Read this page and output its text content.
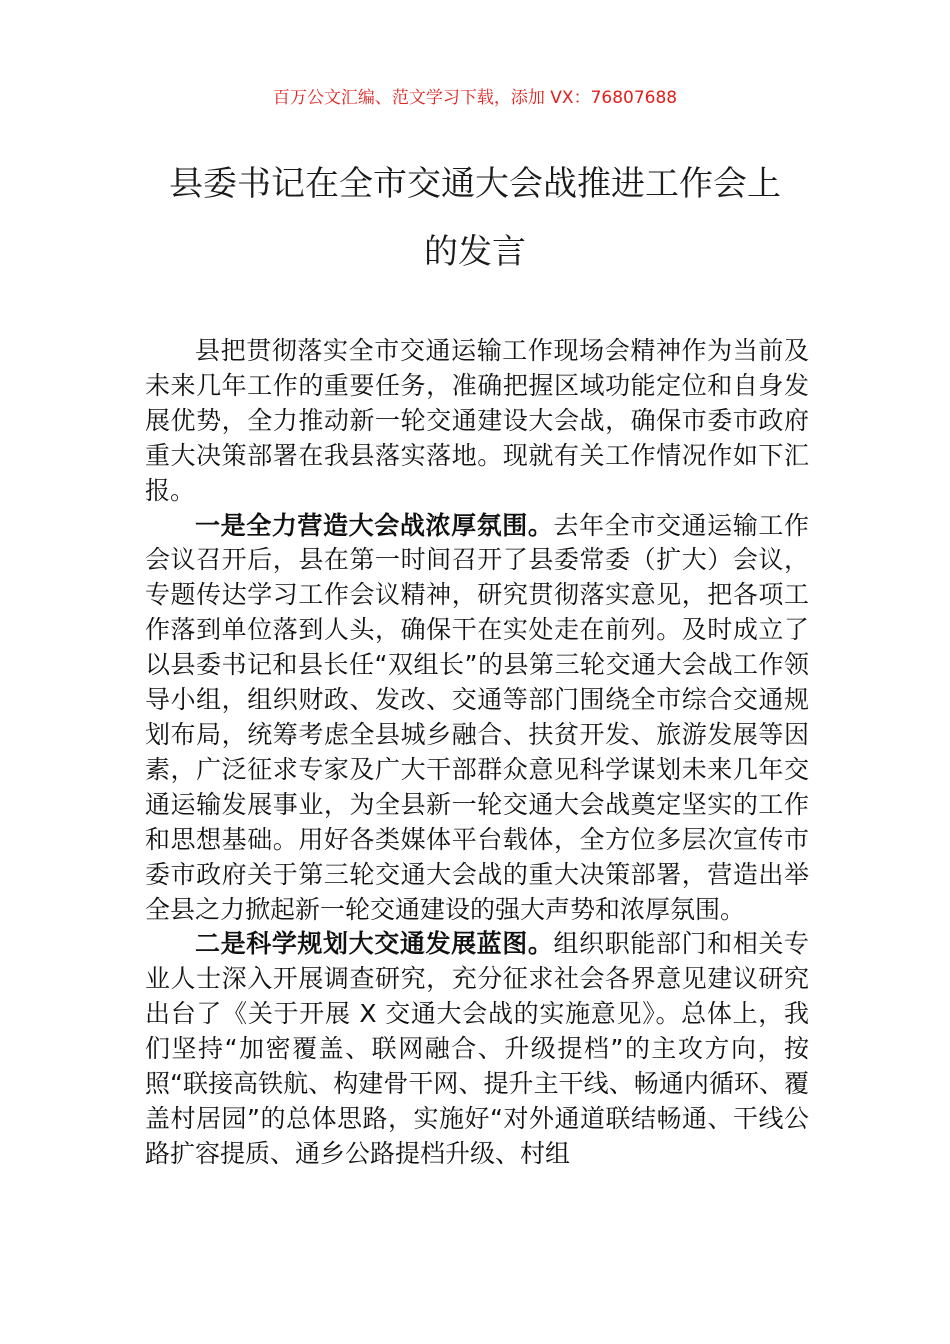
百万公文汇编、范文学习下载，添加 VX：76807688
县委书记在全市交通大会战推进工作会上
的发言

县把贯彻落实全市交通运输工作现场会精神作为当前及未来几年工作的重要任务，准确把握区域功能定位和自身发展优势，全力推动新一轮交通建设大会战，确保市委市政府重大决策部署在我县落实落地。现就有关工作情况作如下汇报。

一是全力营造大会战浓厚氛围。去年全市交通运输工作会议召开后，县在第一时间召开了县委常委（扩大）会议，专题传达学习工作会议精神，研究贯彻落实意见，把各项工作落到单位落到人头，确保干在实处走在前列。及时成立了以县委书记和县长任“双组长”的县第三轮交通大会战工作领导小组，组织财政、发改、交通等部门围绕全市综合交通规划布局，统筹考虑全县城乡融合、扶贫开发、旅游发展等因素，广泛征求专家及广大干部群众意见科学谋划未来几年交通运输发展事业，为全县新一轮交通大会战奠定坚实的工作和思想基础。用好各类媒体平台载体，全方位多层次宣传市委市政府关于第三轮交通大会战的重大决策部署，营造出举全县之力掀起新一轮交通建设的强大声势和浓厚氛围。

二是科学规划大交通发展蓝图。组织职能部门和相关专业人士深入开展调查研究，充分征求社会各界意见建议研究出台了《关于开展 X 交通大会战的实施意见》。总体上，我们坚持“加密覆盖、联网融合、升级提档”的主攻方向，按照“联接高铁航、构建骨干网、提升主干线、畅通内循环、覆盖村居园”的总体思路，实施好“对外通道联结畅通、干线公路扩容提质、通乡公路提档升级、村组
